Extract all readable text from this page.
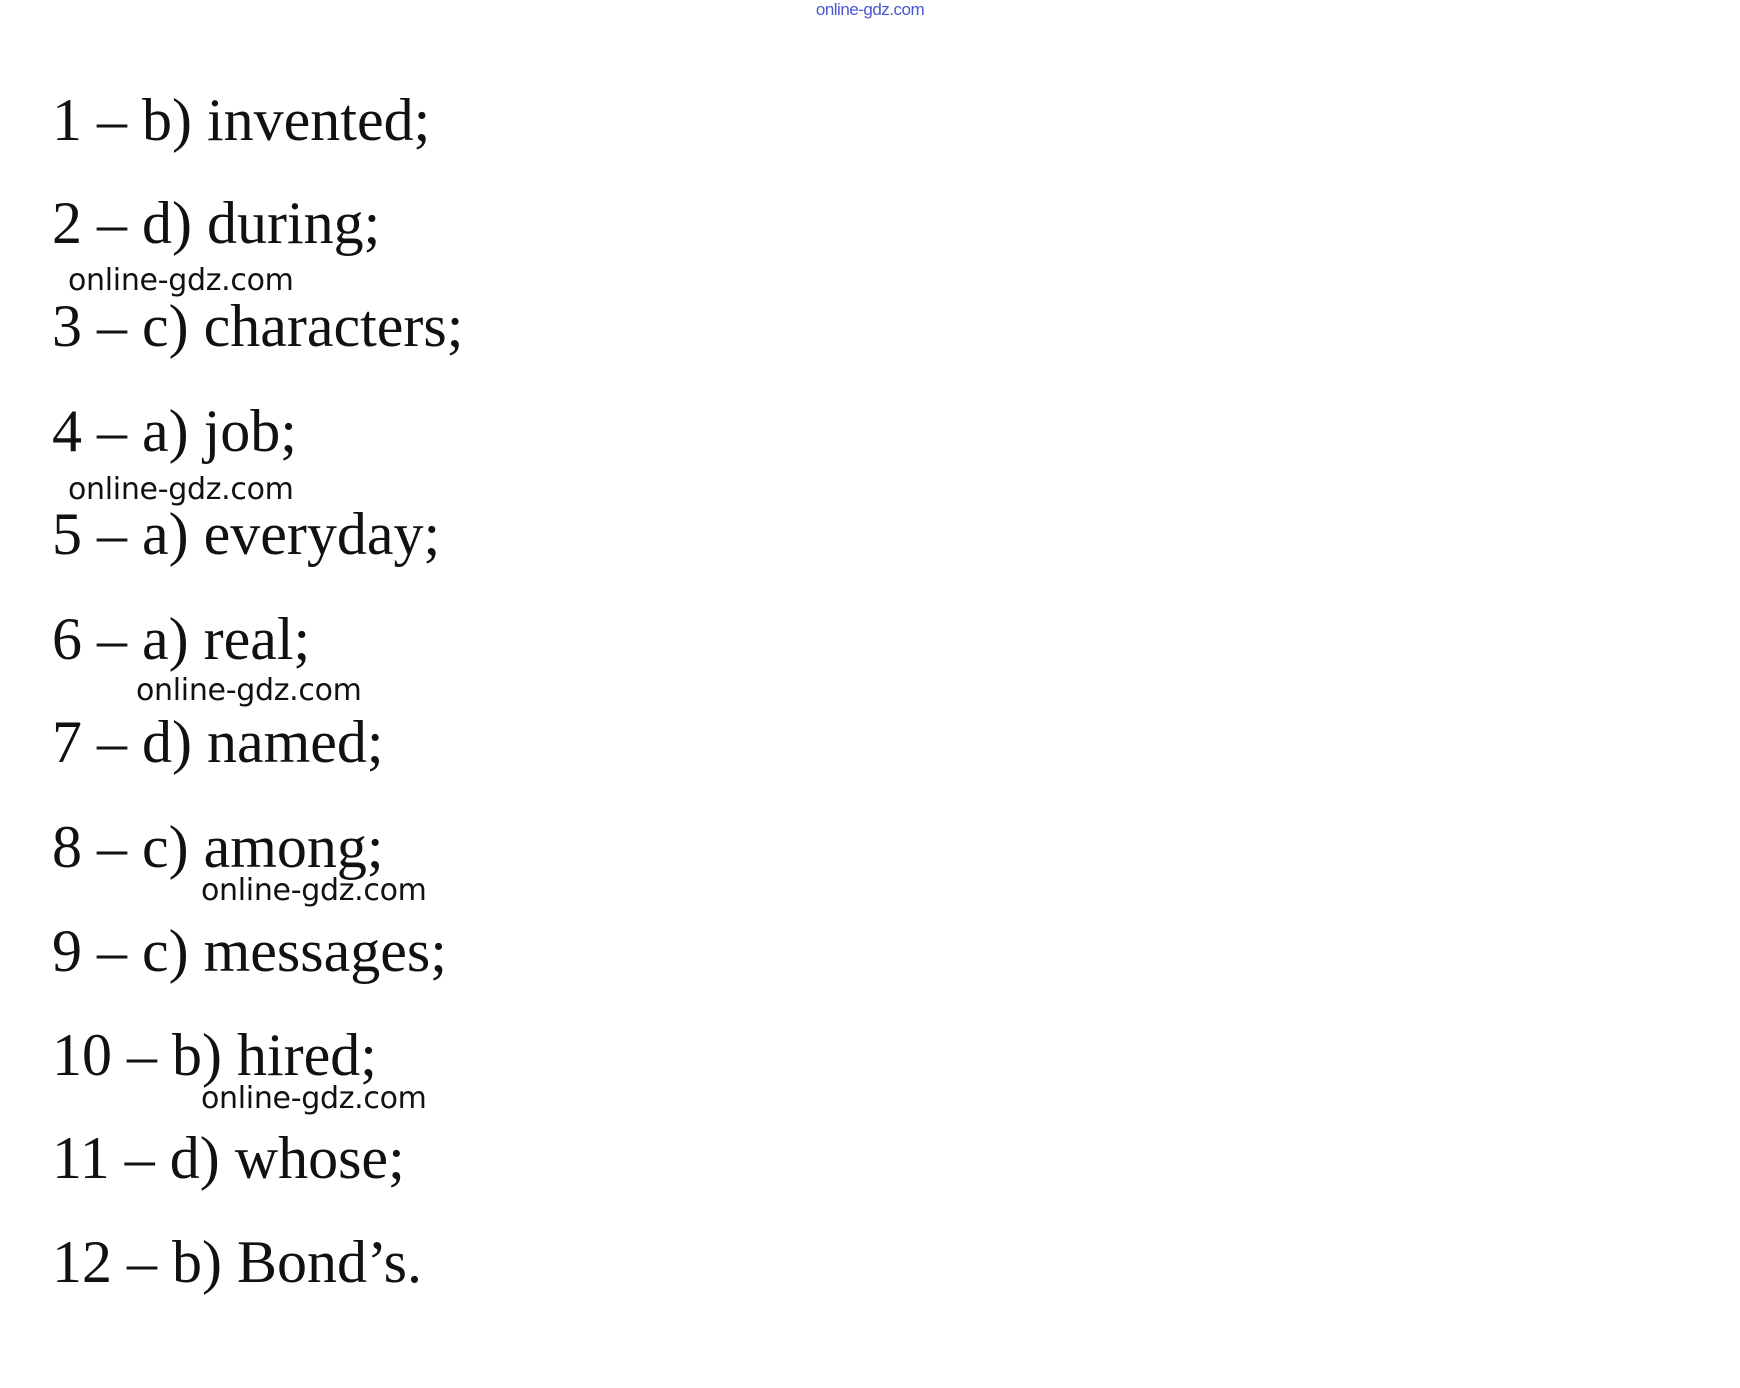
online-gdz.com
1 – b) invented;
2 – d) during;
online-gdz.com
3 – c) characters;
4 – a) job;
online-gdz.com
5 – a) everyday;
6 – a) real;
online-gdz.com
7 – d) named;
8 – c) among;
online-gdz.com
9 – c) messages;
10 – b) hired;
online-gdz.com
11 – d) whose;
12 – b) Bond’s.
